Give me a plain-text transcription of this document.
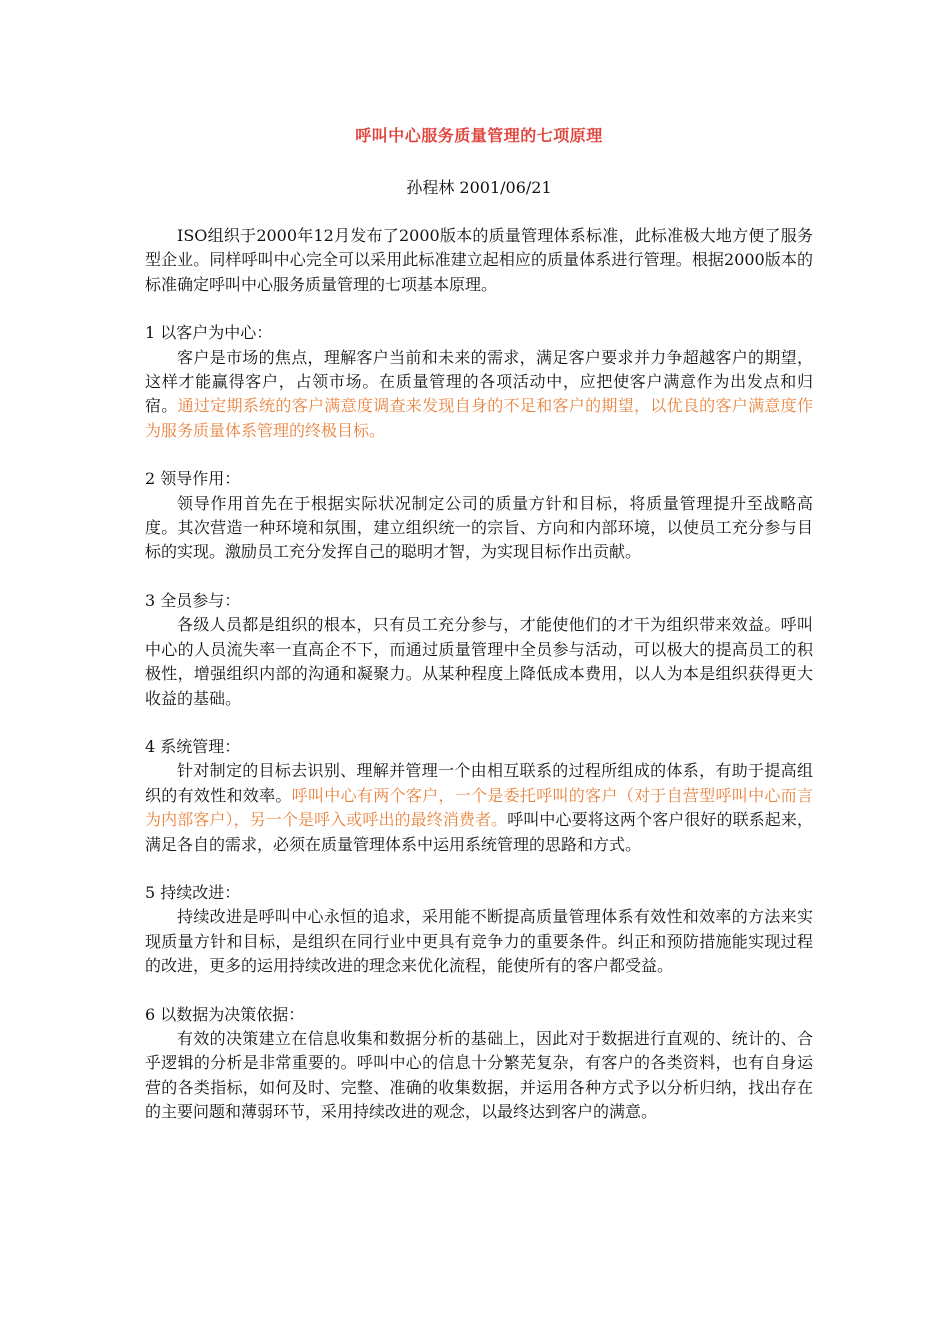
呼叫中心服务质量管理的七项原理
孙程林 2001/06/21

ISO组织于2000年12月发布了2000版本的质量管理体系标准，此标准极大地方便了服务型企业。同样呼叫中心完全可以采用此标准建立起相应的质量体系进行管理。根据2000版本的标准确定呼叫中心服务质量管理的七项基本原理。

1 以客户为中心：

客户是市场的焦点，理解客户当前和未来的需求，满足客户要求并力争超越客户的期望，这样才能赢得客户，占领市场。在质量管理的各项活动中，应把使客户满意作为出发点和归宿。通过定期系统的客户满意度调查来发现自身的不足和客户的期望，以优良的客户满意度作为服务质量体系管理的终极目标。

2 领导作用：

领导作用首先在于根据实际状况制定公司的质量方针和目标，将质量管理提升至战略高度。其次营造一种环境和氛围，建立组织统一的宗旨、方向和内部环境，以使员工充分参与目标的实现。激励员工充分发挥自己的聪明才智，为实现目标作出贡献。

3 全员参与：

各级人员都是组织的根本，只有员工充分参与，才能使他们的才干为组织带来效益。呼叫中心的人员流失率一直高企不下，而通过质量管理中全员参与活动，可以极大的提高员工的积极性，增强组织内部的沟通和凝聚力。从某种程度上降低成本费用，以人为本是组织获得更大收益的基础。

4 系统管理：

针对制定的目标去识别、理解并管理一个由相互联系的过程所组成的体系，有助于提高组织的有效性和效率。呼叫中心有两个客户，一个是委托呼叫的客户（对于自营型呼叫中心而言为内部客户），另一个是呼入或呼出的最终消费者。呼叫中心要将这两个客户很好的联系起来，满足各自的需求，必须在质量管理体系中运用系统管理的思路和方式。

5 持续改进：

持续改进是呼叫中心永恒的追求，采用能不断提高质量管理体系有效性和效率的方法来实现质量方针和目标，是组织在同行业中更具有竞争力的重要条件。纠正和预防措施能实现过程的改进，更多的运用持续改进的理念来优化流程，能使所有的客户都受益。

6 以数据为决策依据：

有效的决策建立在信息收集和数据分析的基础上，因此对于数据进行直观的、统计的、合乎逻辑的分析是非常重要的。呼叫中心的信息十分繁芜复杂，有客户的各类资料，也有自身运营的各类指标，如何及时、完整、准确的收集数据，并运用各种方式予以分析归纳，找出存在的主要问题和薄弱环节，采用持续改进的观念，以最终达到客户的满意。
